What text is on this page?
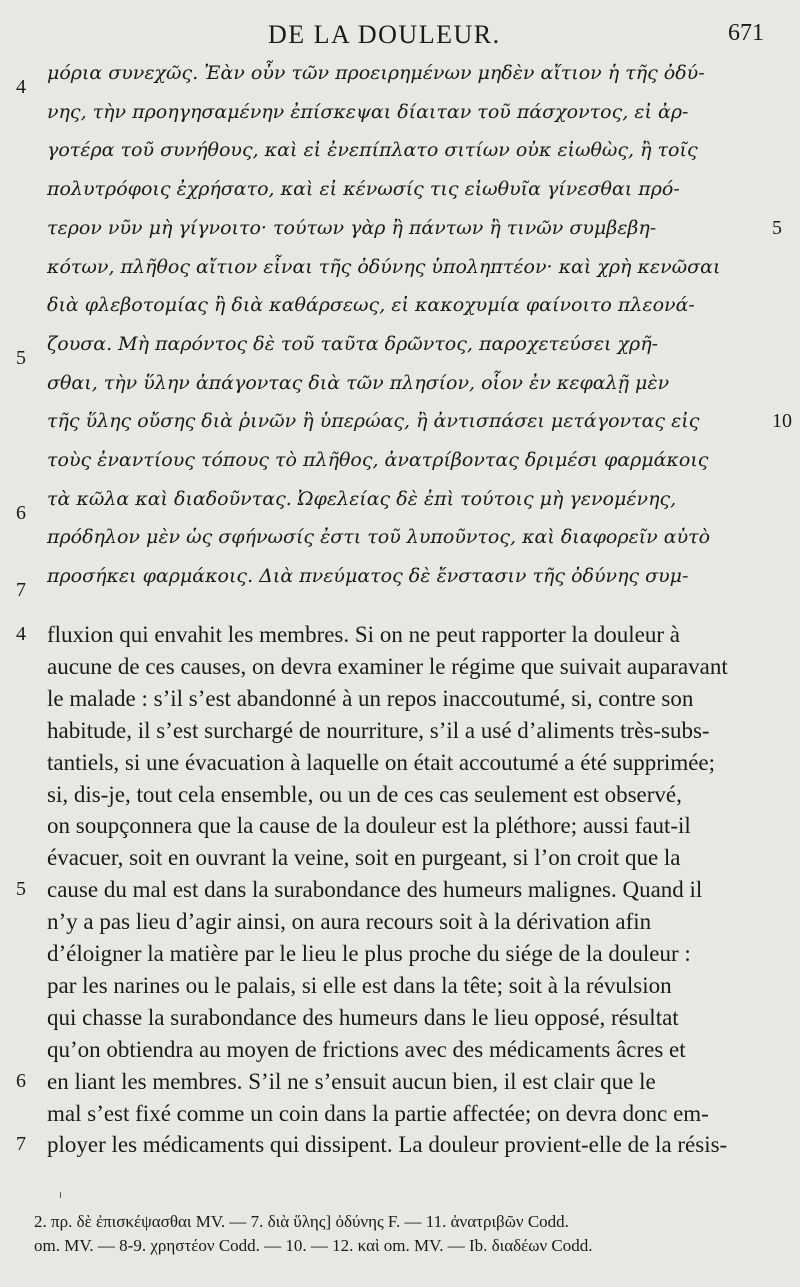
DE LA DOULEUR.	671
μόρια συνεχῶς. Ἐὰν οὖν τῶν προειρημένων μηδὲν αἴτιον ἡ τῆς ὀδύ-
4
νης, τὴν προηγησαμένην ἐπίσκεψαι δίαιταν τοῦ πάσχοντος, εἰ ἀρ-
γοτέρα τοῦ συνήθους, καὶ εἰ ἐνεπίπλατο σιτίων οὐκ εἰωθὼς, ἢ τοῖς
πολυτρόφοις ἐχρήσατο, καὶ εἰ κένωσίς τις εἰωθυῖα γίνεσθαι πρό-
τερον νῦν μὴ γίγνοιτο· τούτων γὰρ ἢ πάντων ἢ τινῶν συμβεβη-	5
κότων, πλῆθος αἴτιον εἶναι τῆς ὀδύνης ὑποληπτέον· καὶ χρὴ κενῶσαι
διὰ φλεβοτομίας ἢ διὰ καθάρσεως, εἰ κακοχυμία φαίνοιτο πλεονά-
ζουσα. Μὴ παρόντος δὲ τοῦ ταῦτα δρῶντος, παροχετεύσει χρῆ-
5
σθαι, τὴν ὕλην ἀπάγοντας διὰ τῶν πλησίον, οἷον ἐν κεφαλῇ μὲν
τῆς ὕλης οὔσης διὰ ῥινῶν ἢ ὑπερώας, ἢ ἀντισπάσει μετάγοντας εἰς	10
τοὺς ἐναντίους τόπους τὸ πλῆθος, ἀνατρίβοντας δριμέσι φαρμάκοις
τὰ κῶλα καὶ διαδοῦντας. Ὠφελείας δὲ ἐπὶ τούτοις μὴ γενομένης,
6
πρόδηλον μὲν ὡς σφήνωσίς ἐστι τοῦ λυποῦντος, καὶ διαφορεῖν αὐτὸ
προσήκει φαρμάκοις. Διὰ πνεύματος δὲ ἔνστασιν τῆς ὀδύνης συμ-
7
fluxion qui envahit les membres. Si on ne peut rapporter la douleur à
4
aucune de ces causes, on devra examiner le régime que suivait auparavant
le malade : s’il s’est abandonné à un repos inaccoutumé, si, contre son
habitude, il s’est surchargé de nourriture, s’il a usé d’aliments très-subs-
tantiels, si une évacuation à laquelle on était accoutumé a été supprimée;
si, dis-je, tout cela ensemble, ou un de ces cas seulement est observé,
on soupçonnera que la cause de la douleur est la pléthore; aussi faut-il
évacuer, soit en ouvrant la veine, soit en purgeant, si l’on croit que la
cause du mal est dans la surabondance des humeurs malignes. Quand il
5
n’y a pas lieu d’agir ainsi, on aura recours soit à la dérivation afin
d’éloigner la matière par le lieu le plus proche du siége de la douleur :
par les narines ou le palais, si elle est dans la tête; soit à la révulsion
qui chasse la surabondance des humeurs dans le lieu opposé, résultat
qu’on obtiendra au moyen de frictions avec des médicaments âcres et
en liant les membres. S’il ne s’ensuit aucun bien, il est clair que le
6
mal s’est fixé comme un coin dans la partie affectée; on devra donc em-
ployer les médicaments qui dissipent. La douleur provient-elle de la résis-
7
2. πρ. δὲ ἐπισκέψασθαι MV. — 7. διὰ ὕλης] ὀδύνης F. — 11. ἀνατριβῶν Codd.
om. MV. — 8-9. χρηστέον Codd. — 10. — 12. καὶ om. MV. — Ib. διαδέων Codd.
